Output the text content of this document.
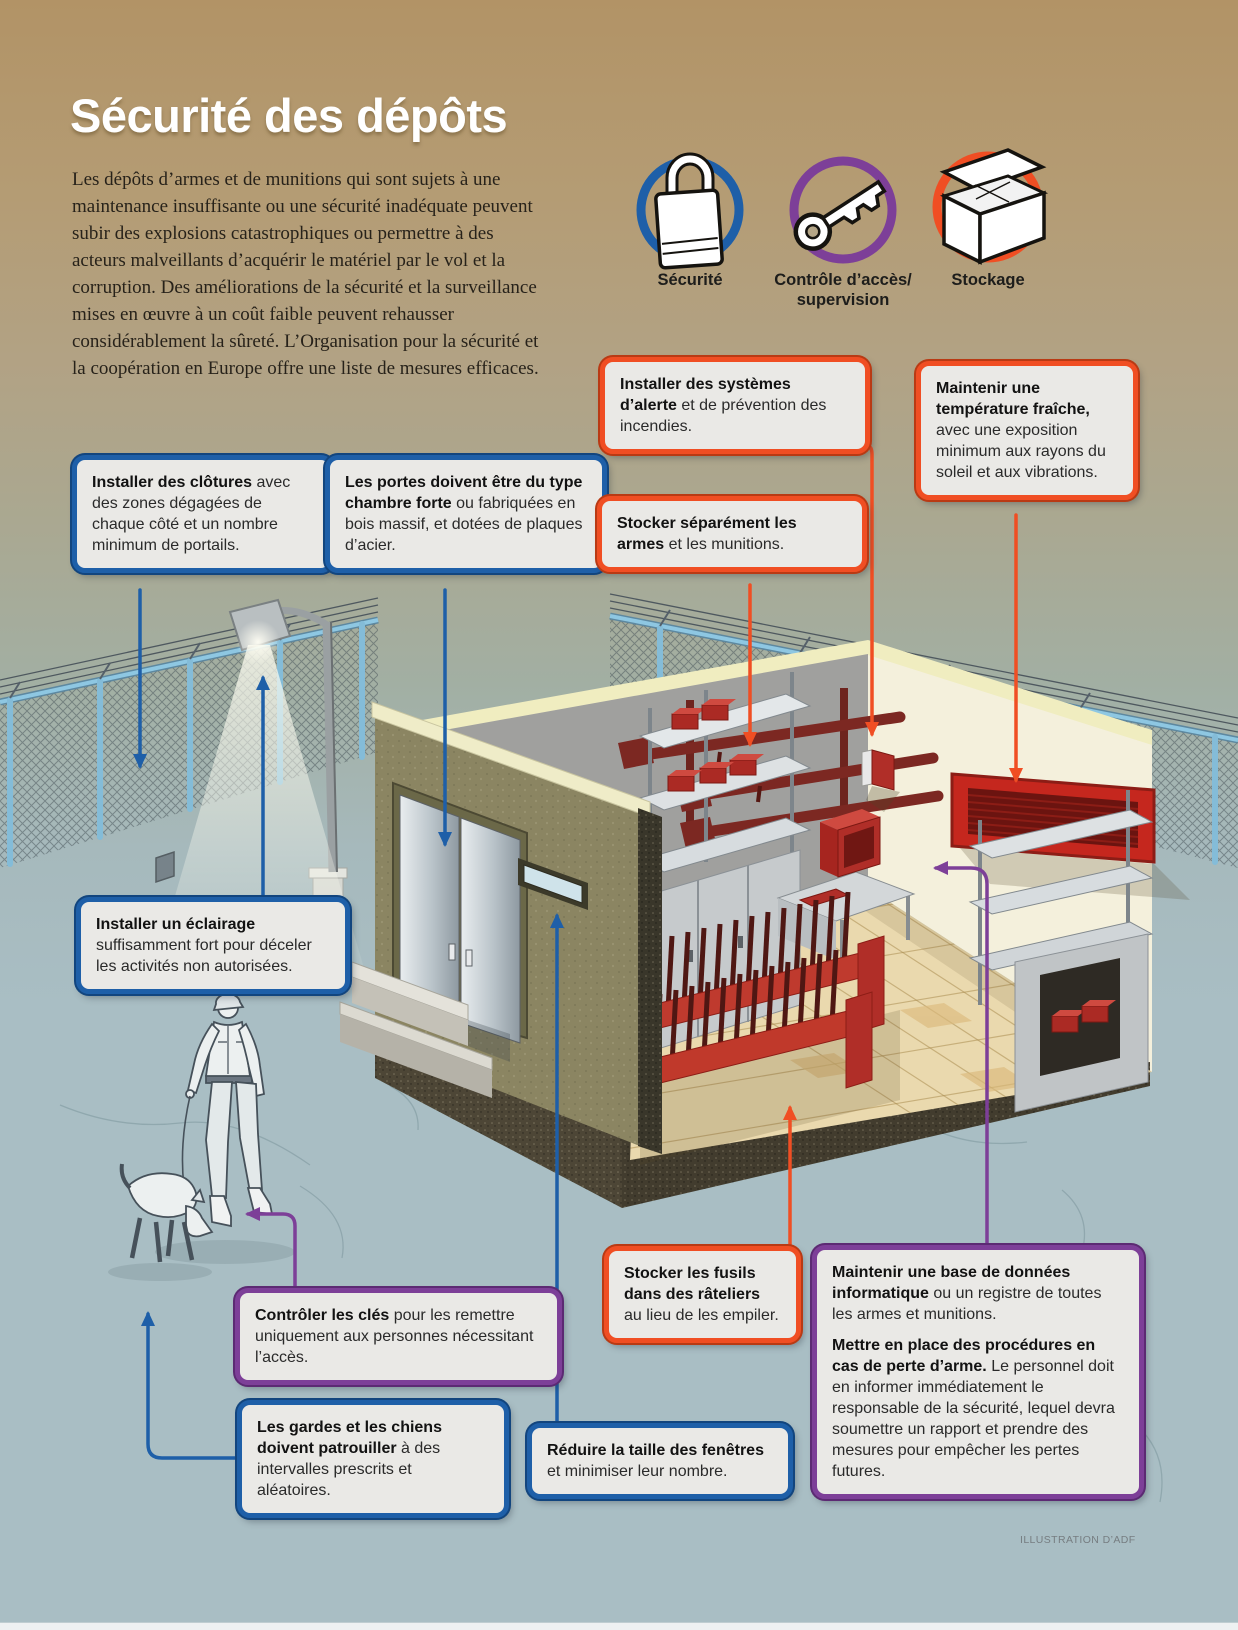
Sécurité des dépôts
Les dépôts d’armes et de munitions qui sont sujets à une maintenance insuffisante ou une sécurité inadéquate peuvent subir des explosions catastrophiques ou permettre à des acteurs malveillants d’acquérir le matériel par le vol et la corruption. Des améliorations de la sécurité et la surveillance mises en œuvre à un coût faible peuvent rehausser considérablement la sûreté. L’Organisation pour la sécurité et la coopération en Europe offre une liste de mesures efficaces.
Sécurité	Contrôle d’accès/
supervision
Stockage

Installer des clôtures avec des zones dégagées de chaque côté et un nombre minimum de portails.

Les portes doivent être du type chambre forte ou fabriquées en bois massif, et dotées de plaques d’acier.

Installer des systèmes d’alerte et de prévention des incendies.

Stocker séparément les armes et les munitions.

Maintenir une température fraîche, avec une exposition minimum aux rayons du soleil et aux vibrations.

Installer un éclairage suffisamment fort pour déceler les activités non autorisées.

Contrôler les clés pour les remettre uniquement aux personnes nécessitant l’accès.

Les gardes et les chiens doivent patrouiller à des intervalles prescrits et aléatoires.

Stocker les fusils dans des râteliers au lieu de les empiler.

Réduire la taille des fenêtres et minimiser leur nombre.

Maintenir une base de données informatique ou un registre de toutes les armes et munitions.

Mettre en place des procédures en cas de perte d’arme. Le personnel doit en informer immédiatement le responsable de la sécurité, lequel devra soumettre un rapport et prendre des mesures pour empêcher les pertes futures.

ILLUSTRATION D’ADF
